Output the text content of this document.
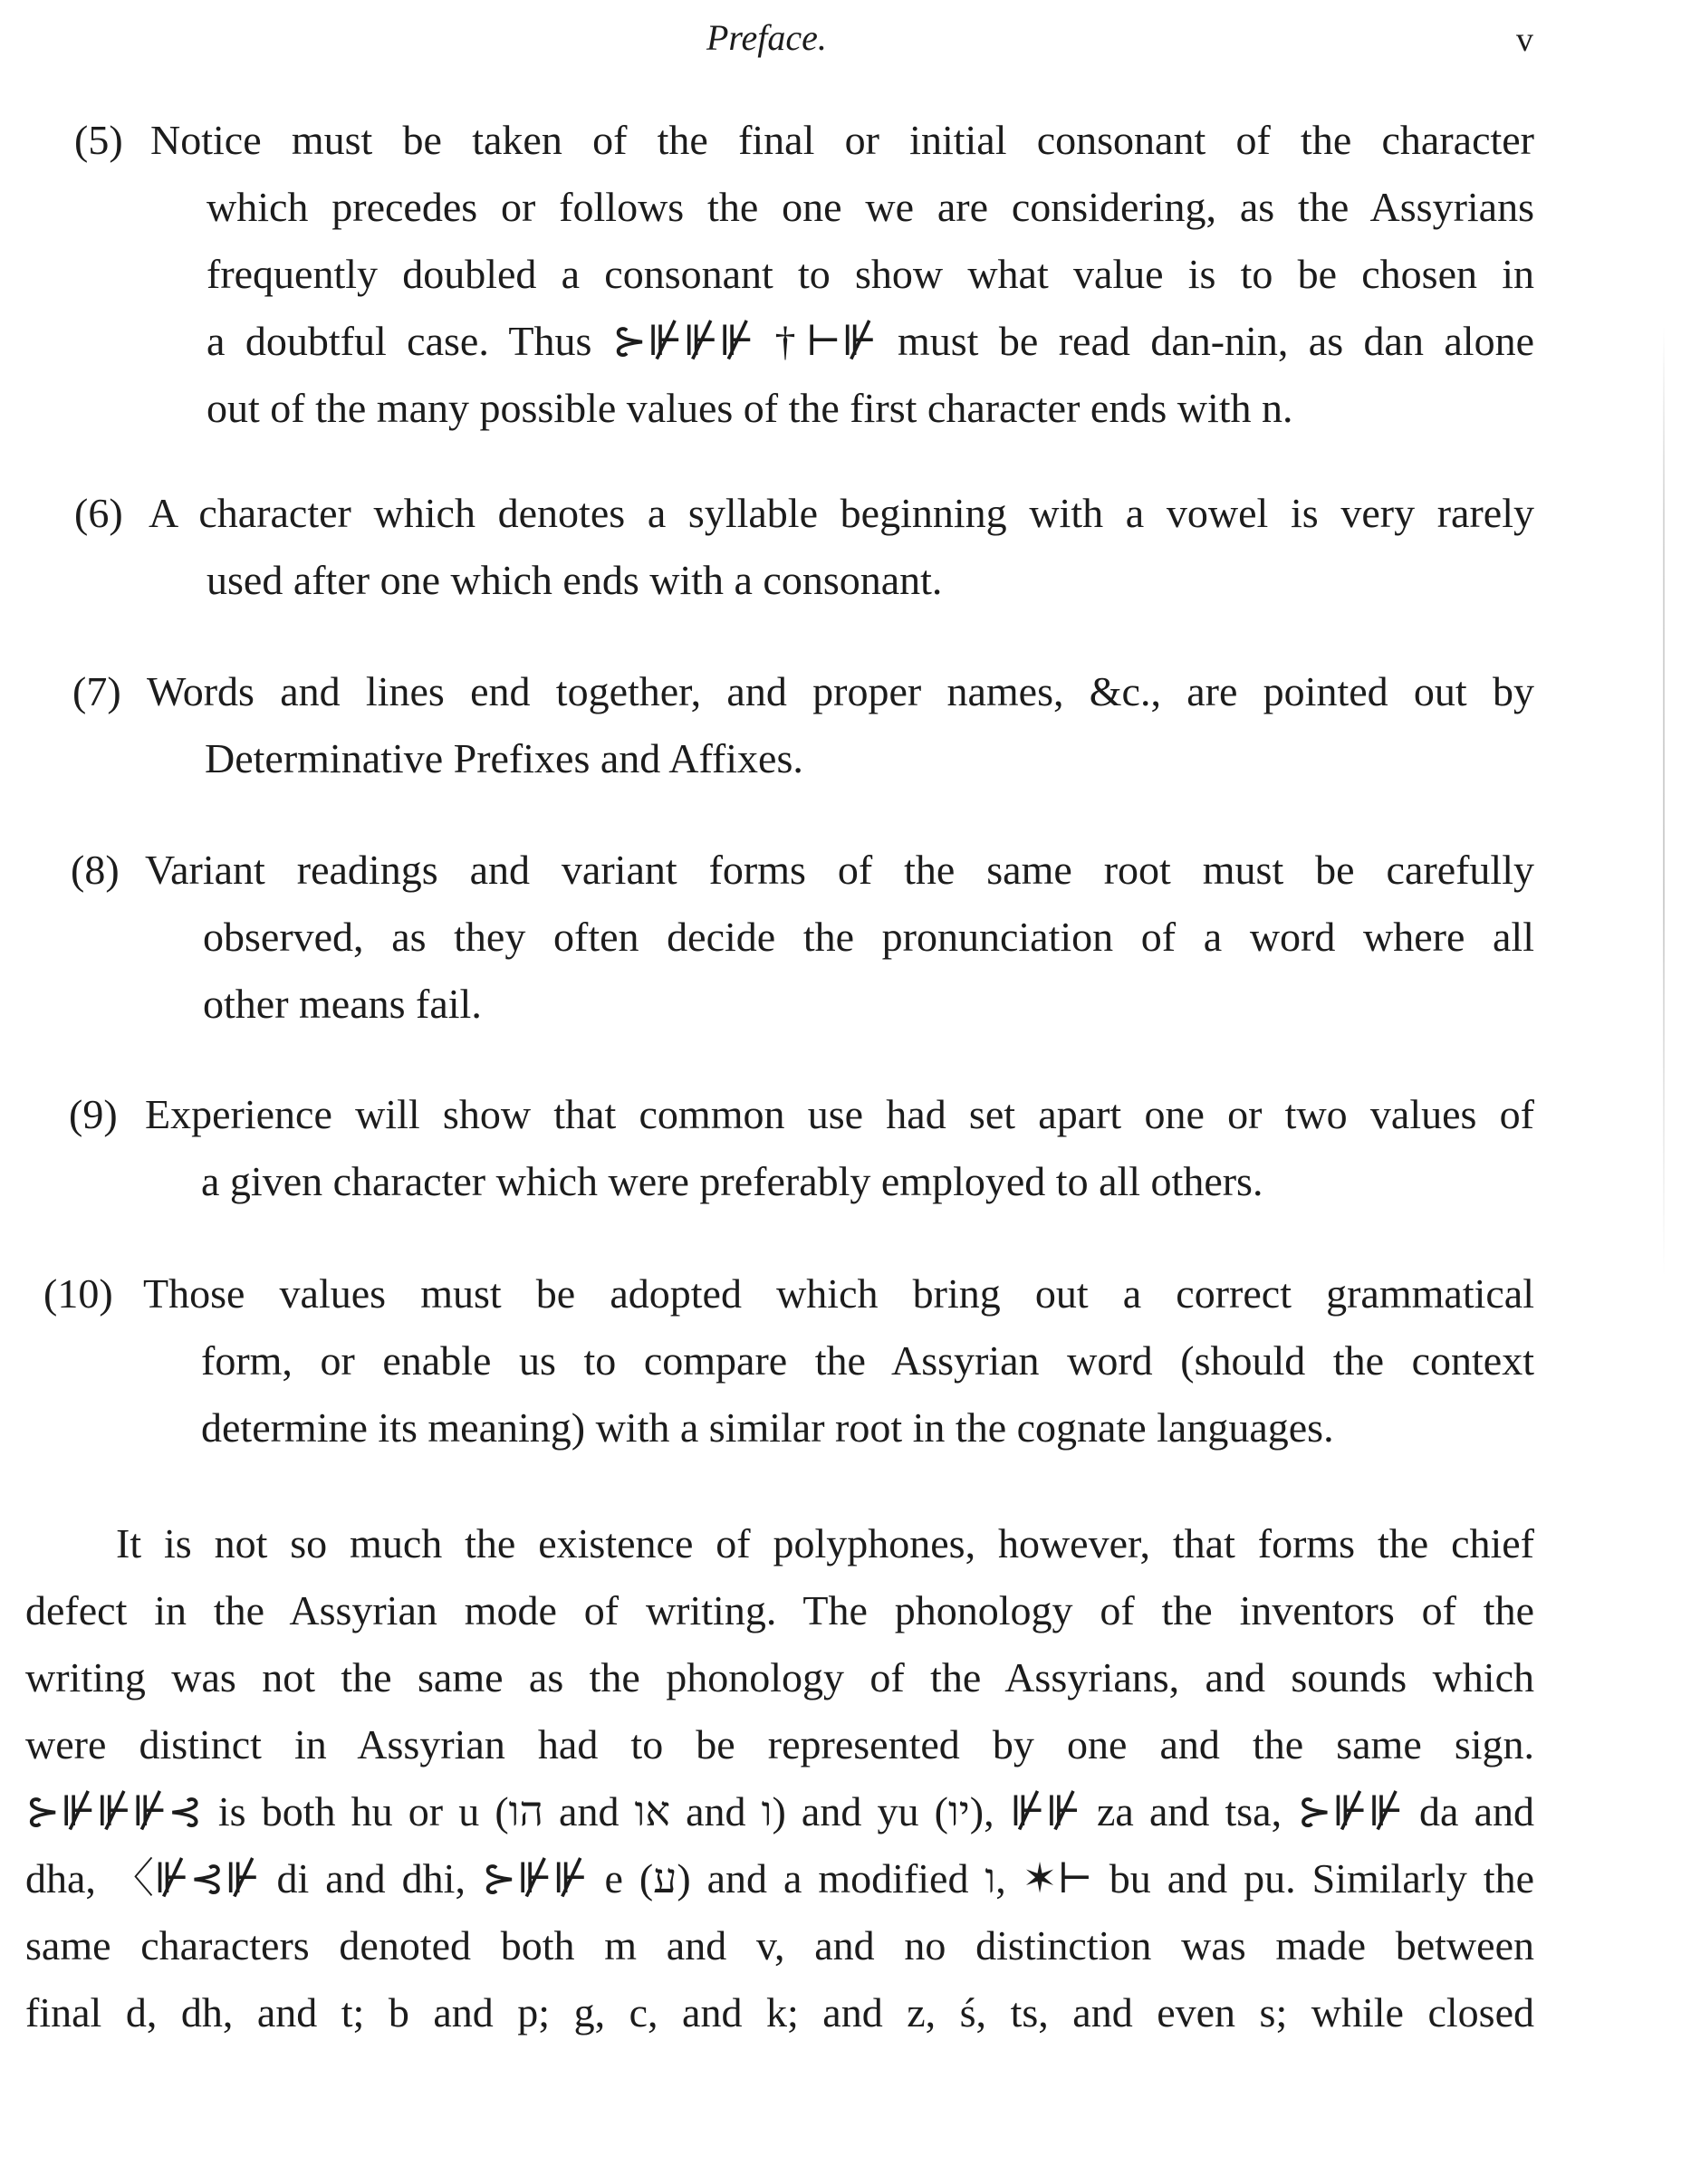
Preface.	v
(5) Notice must be taken of the final or initial consonant of the character
which precedes or follows the one we are considering, as the Assyrians
frequently doubled a consonant to show what value is to be chosen in
a doubtful case. Thus ⊱⊮⊮⊮ †⊢⊮ must be read dan-nin, as dan alone
out of the many possible values of the first character ends with n.
(6) A character which denotes a syllable beginning with a vowel is very rarely
used after one which ends with a consonant.
(7) Words and lines end together, and proper names, &c., are pointed out by
Determinative Prefixes and Affixes.
(8) Variant readings and variant forms of the same root must be carefully
observed, as they often decide the pronunciation of a word where all
other means fail.
(9) Experience will show that common use had set apart one or two values of
a given character which were preferably employed to all others.
(10) Those values must be adopted which bring out a correct grammatical
form, or enable us to compare the Assyrian word (should the context
determine its meaning) with a similar root in the cognate languages.
It is not so much the existence of polyphones, however, that forms the chief
defect in the Assyrian mode of writing. The phonology of the inventors of the
writing was not the same as the phonology of the Assyrians, and sounds which
were distinct in Assyrian had to be represented by one and the same sign.
⊱⊮⊮⊮⊰ is both hu or u (הו and או and ו) and yu (יו), ⊮⊮ za and tsa, ⊱⊮⊮ da and
dha, 〈⊮⊰⊮ di and dhi, ⊱⊮⊮ e (ע) and a modified ו, ✶⊢ bu and pu. Similarly the
same characters denoted both m and v, and no distinction was made between
final d, dh, and t; b and p; g, c, and k; and z, ś, ts, and even s; while closed
